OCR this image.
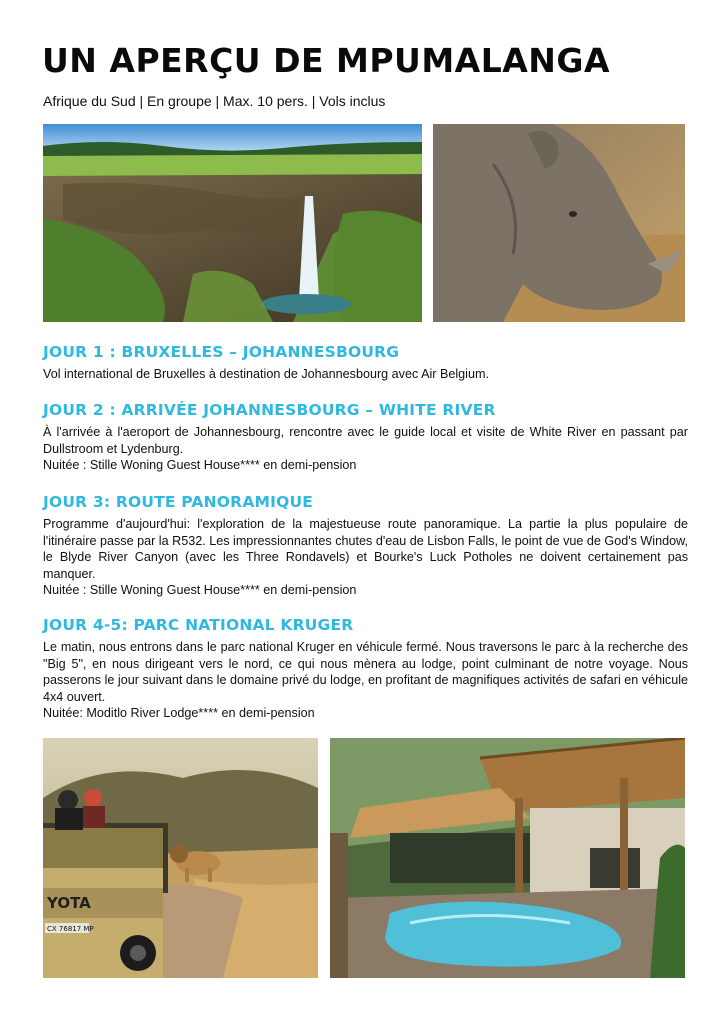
UN APERÇU DE MPUMALANGA
Afrique du Sud | En groupe | Max. 10 pers. | Vols inclus
JOUR 1 : BRUXELLES – JOHANNESBOURG

Vol international de Bruxelles à destination de Johannesbourg avec Air Belgium.

JOUR 2 : ARRIVÉE JOHANNESBOURG – WHITE RIVER

À l'arrivée à l'aeroport de Johannesbourg, rencontre avec le guide local et visite de White River en passant par Dullstroom et Lydenburg.

Nuitée : Stille Woning Guest House**** en demi-pension

JOUR 3: ROUTE PANORAMIQUE

Programme d'aujourd'hui: l'exploration de la majestueuse route panoramique. La partie la plus populaire de l'itinéraire passe par la R532. Les impressionnantes chutes d'eau de Lisbon Falls, le point de vue de God's Window, le Blyde River Canyon (avec les Three Rondavels) et Bourke's Luck Potholes ne doivent certainement pas manquer.

Nuitée : Stille Woning Guest House**** en demi-pension

JOUR 4-5: PARC NATIONAL KRUGER

Le matin, nous entrons dans le parc national Kruger en véhicule fermé. Nous traversons le parc à la recherche des "Big 5", en nous dirigeant vers le nord, ce qui nous mènera au lodge, point culminant de notre voyage. Nous passerons le jour suivant dans le domaine privé du lodge, en profitant de magnifiques activités de safari en véhicule 4x4 ouvert.

Nuitée: Moditlo River Lodge**** en demi-pension

YOTA
CX 76817 MP
